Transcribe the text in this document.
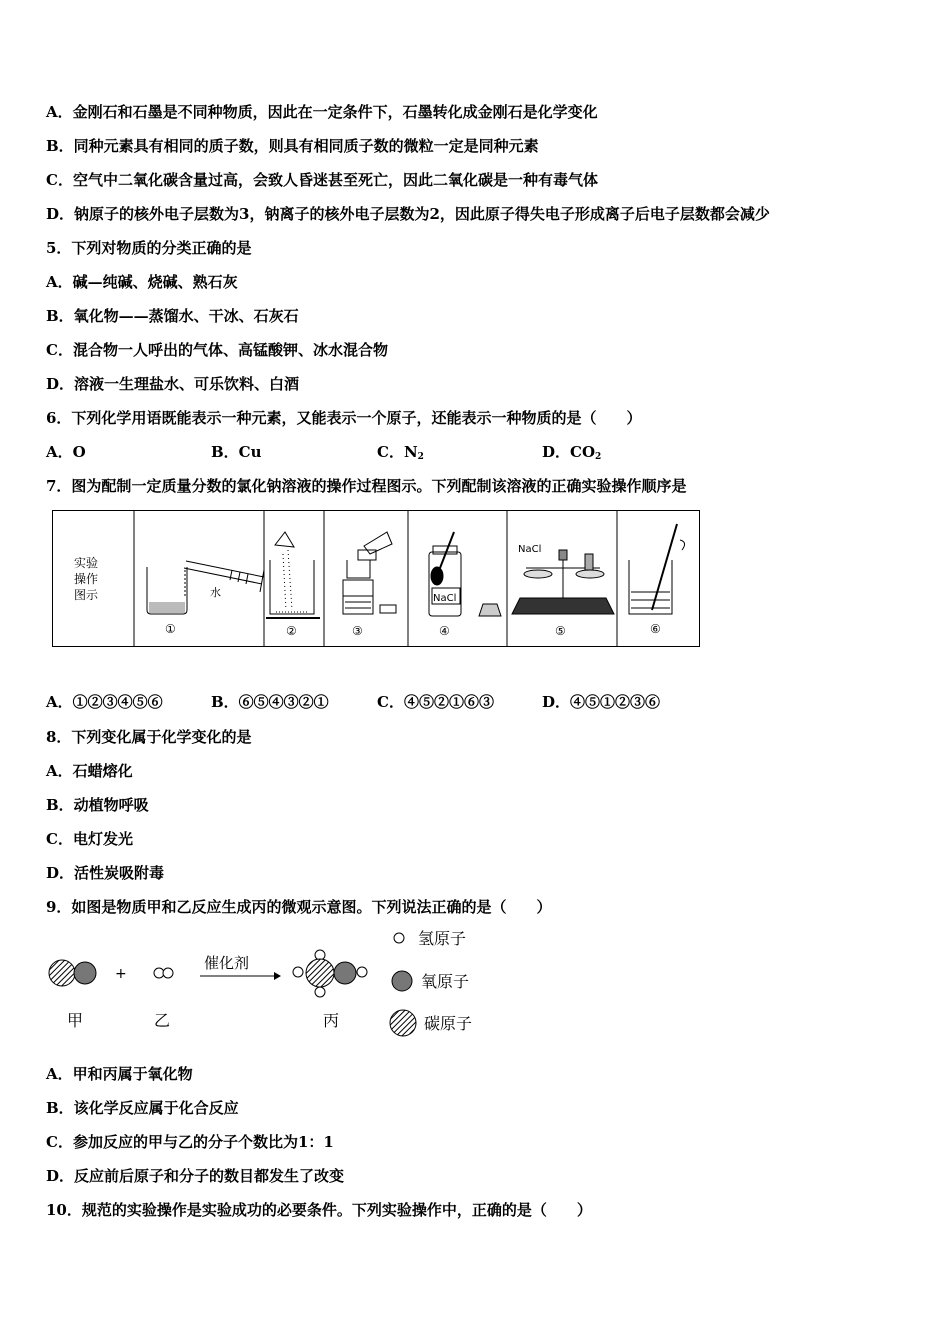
A．金刚石和石墨是不同种物质，因此在一定条件下，石墨转化成金刚石是化学变化
B．同种元素具有相同的质子数，则具有相同质子数的微粒一定是同种元素
C．空气中二氧化碳含量过高，会致人昏迷甚至死亡，因此二氧化碳是一种有毒气体
D．钠原子的核外电子层数为3，钠离子的核外电子层数为2，因此原子得失电子形成离子后电子层数都会减少
5．下列对物质的分类正确的是
A．碱—纯碱、烧碱、熟石灰
B．氧化物——蒸馏水、干冰、石灰石
C．混合物一人呼出的气体、高锰酸钾、冰水混合物
D．溶液一生理盐水、可乐饮料、白酒
6．下列化学用语既能表示一种元素，又能表示一个原子，还能表示一种物质的是（　　）
A．O	B．Cu	C．$N_2$	D．$CO_2$
7．图为配制一定质量分数的氯化钠溶液的操作过程图示。下列配制该溶液的正确实验操作顺序是
实验
操作
图示	水
①	②	③
NaCl
④
NaCl
⑤	⑥
A．①②③④⑤⑥	B．⑥⑤④③②①	C．④⑤②①⑥③	D．④⑤①②③⑥
8．下列变化属于化学变化的是
A．石蜡熔化
B．动植物呼吸
C．电灯发光
D．活性炭吸附毒
9．如图是物质甲和乙反应生成丙的微观示意图。下列说法正确的是（　　）
+
催化剂
甲	乙	丙
氢原子
氧原子
碳原子
A．甲和丙属于氧化物
B．该化学反应属于化合反应
C．参加反应的甲与乙的分子个数比为1：1
D．反应前后原子和分子的数目都发生了改变
10．规范的实验操作是实验成功的必要条件。下列实验操作中，正确的是（　　）
